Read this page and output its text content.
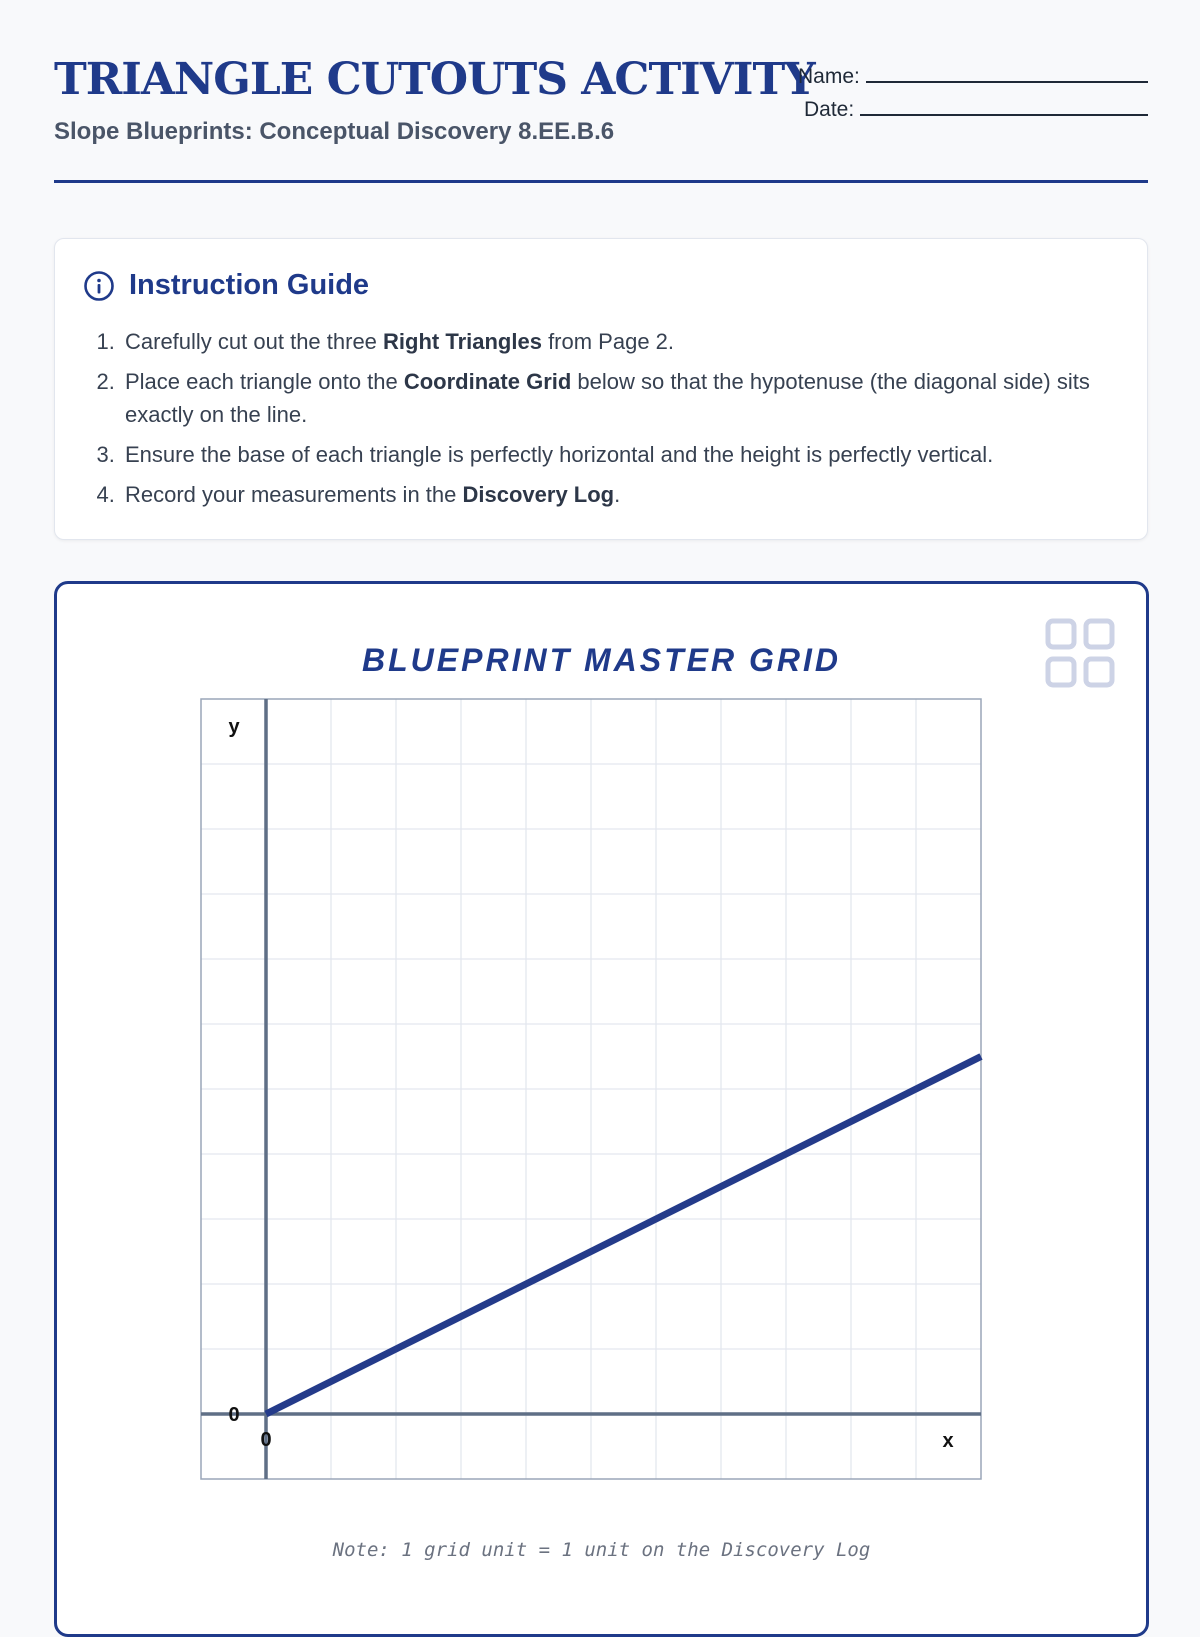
TRIANGLE CUTOUTS ACTIVITY
Slope Blueprints: Conceptual Discovery 8.EE.B.6
Name:
Date:
Instruction Guide
1. Carefully cut out the three Right Triangles from Page 2.
2. Place each triangle onto the Coordinate Grid below so that the hypotenuse (the diagonal side) sits exactly on the line.
3. Ensure the base of each triangle is perfectly horizontal and the height is perfectly vertical.
4. Record your measurements in the Discovery Log.
BLUEPRINT MASTER GRID
y
x
0
0
Note: 1 grid unit = 1 unit on the Discovery Log
